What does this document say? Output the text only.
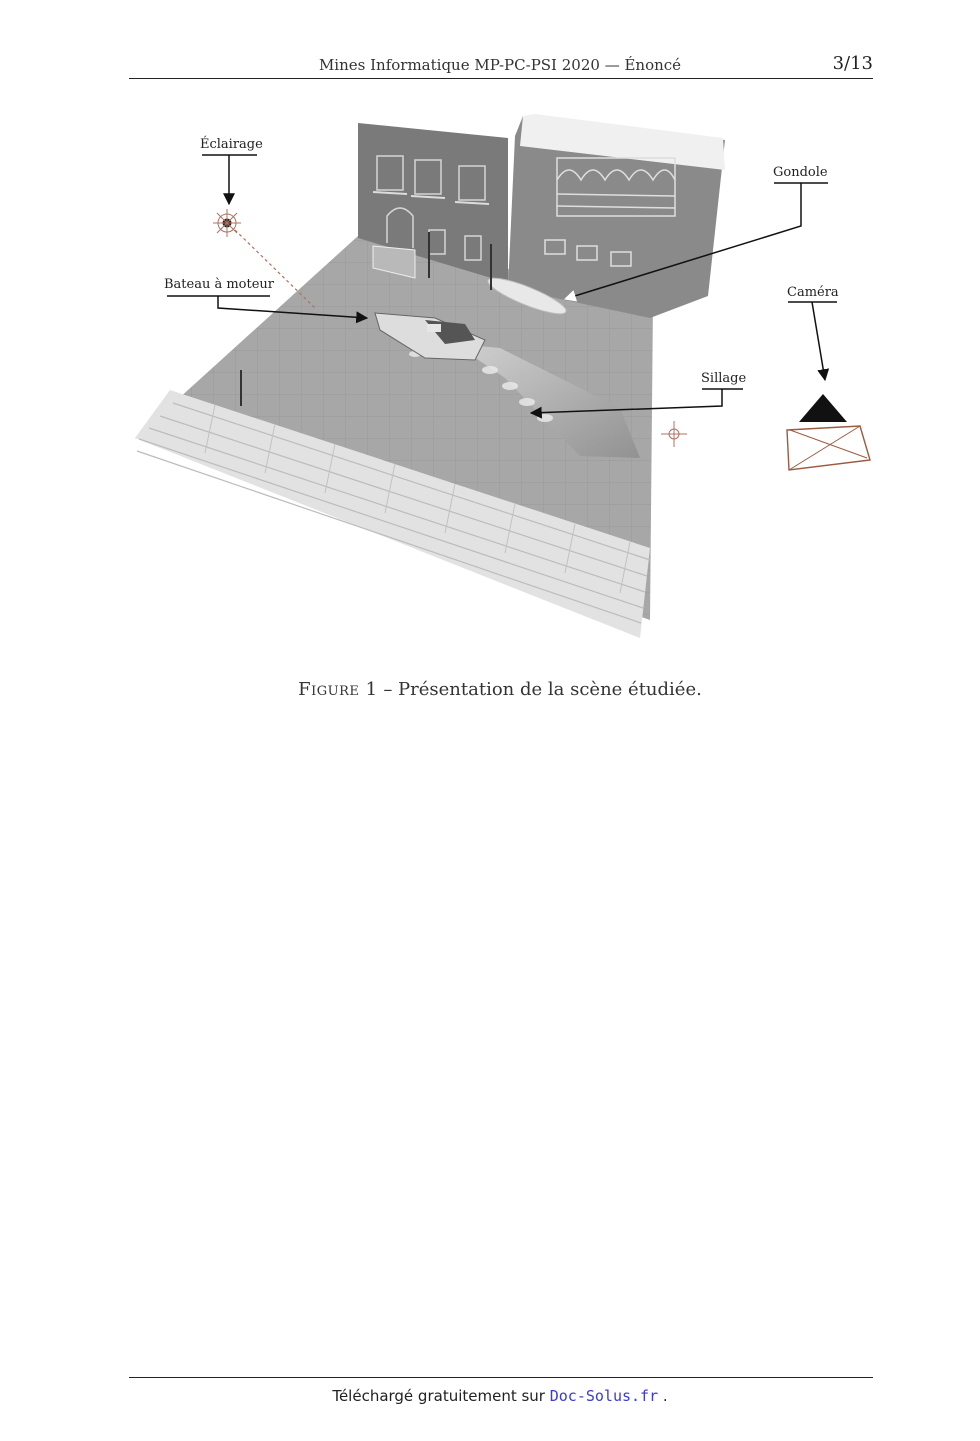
Mines Informatique MP-PC-PSI 2020 — Énoncé	3/13
Éclairage
Gondole
Bateau à moteur
Caméra
Sillage
Figure 1 – Présentation de la scène étudiée.
Téléchargé gratuitement sur Doc-Solus.fr .
